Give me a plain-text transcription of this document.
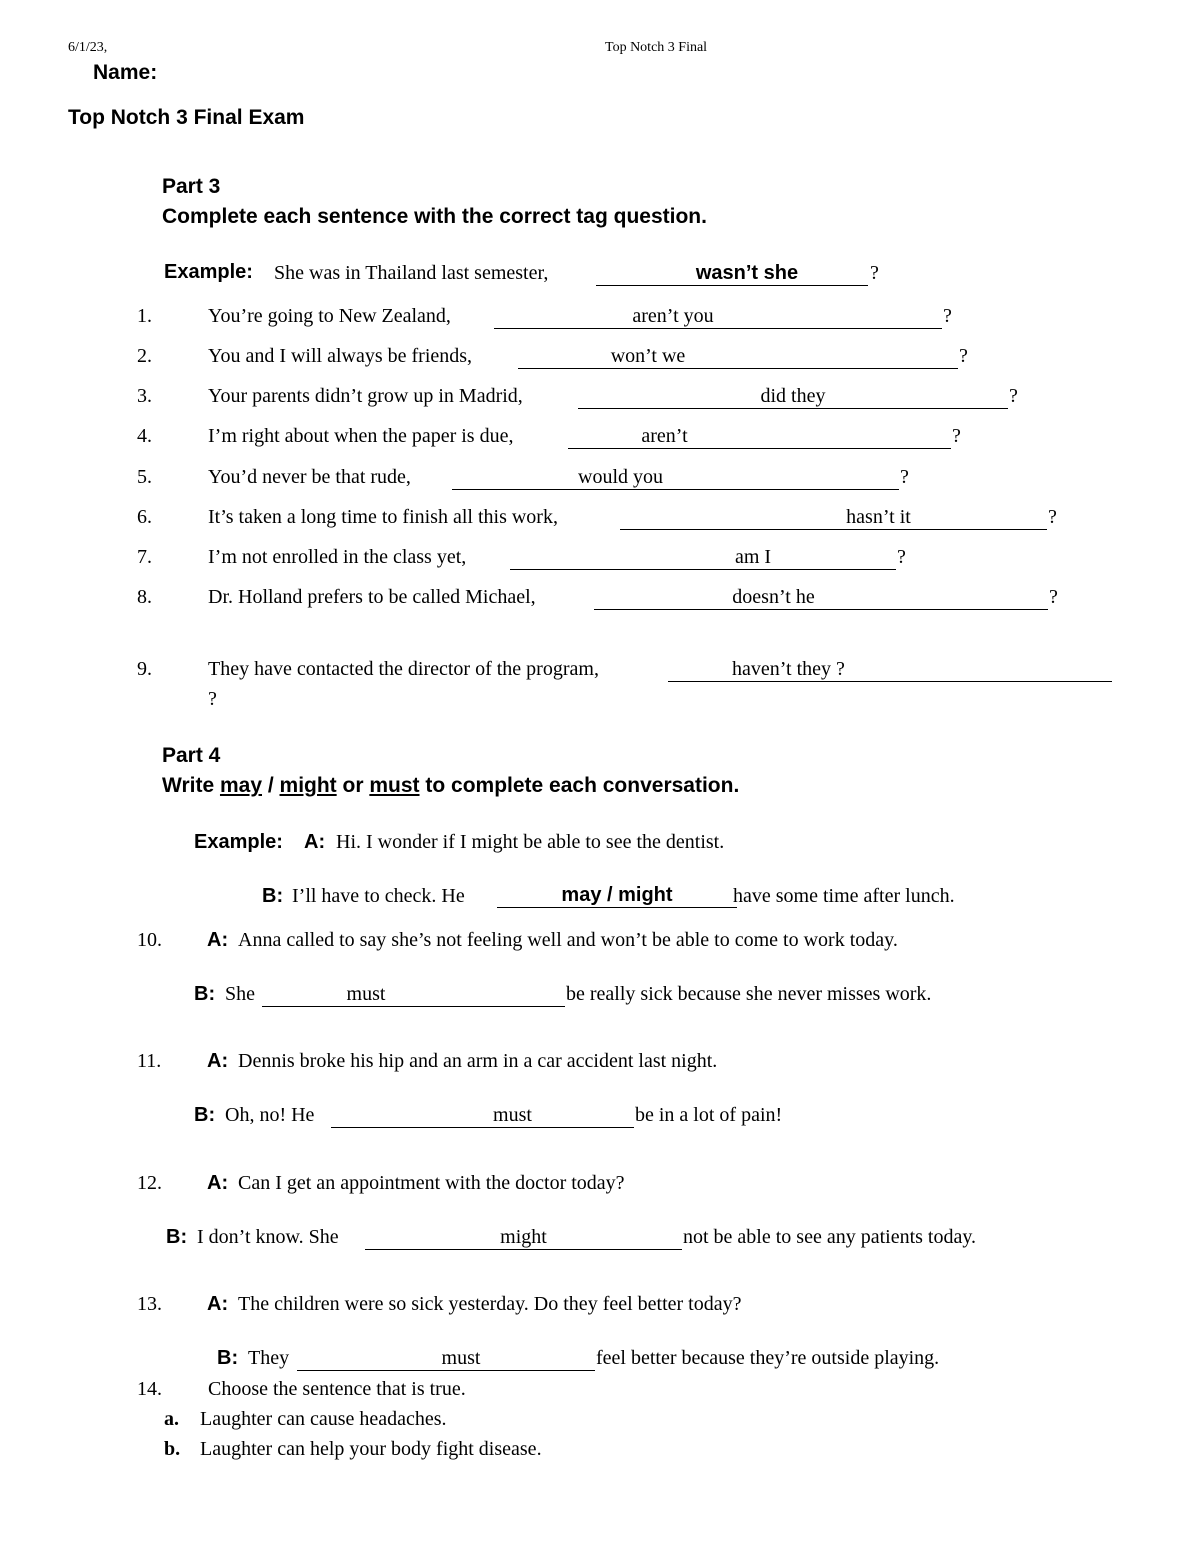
6/1/23,	Top Notch 3 Final
Name:
Top Notch 3 Final Exam
Part 3
Complete each sentence with the correct tag question.
Example: She was in Thailand last semester,	wasn’t she	?
1.	You’re going to New Zealand,	aren’t you	?
2.	You and I will always be friends,	won’t we	?
3.	Your parents didn’t grow up in Madrid,	did they	?
4.	I’m right about when the paper is due,	aren’t	?
5.	You’d never be that rude,	would you	?
6.	It’s taken a long time to finish all this work,	hasn’t it	?
7.	I’m not enrolled in the class yet,	am I	?
8.	Dr. Holland prefers to be called Michael,	doesn’t he	?
9.	They have contacted the director of the program,	haven’t they ?
?
Part 4
Write may / might or must to complete each conversation.
Example: A: Hi. I wonder if I might be able to see the dentist.
B: I’ll have to check. He	may / might	have some time after lunch.
10. A: Anna called to say she’s not feeling well and won’t be able to come to work today.
B: She	must	be really sick because she never misses work.
11. A: Dennis broke his hip and an arm in a car accident last night.
B: Oh, no! He	must	be in a lot of pain!
12. A: Can I get an appointment with the doctor today?
B: I don’t know. She	might	not be able to see any patients today.
13. A: The children were so sick yesterday. Do they feel better today?
B: They	must	feel better because they’re outside playing.
14. Choose the sentence that is true.
a. Laughter can cause headaches.
b. Laughter can help your body fight disease.
